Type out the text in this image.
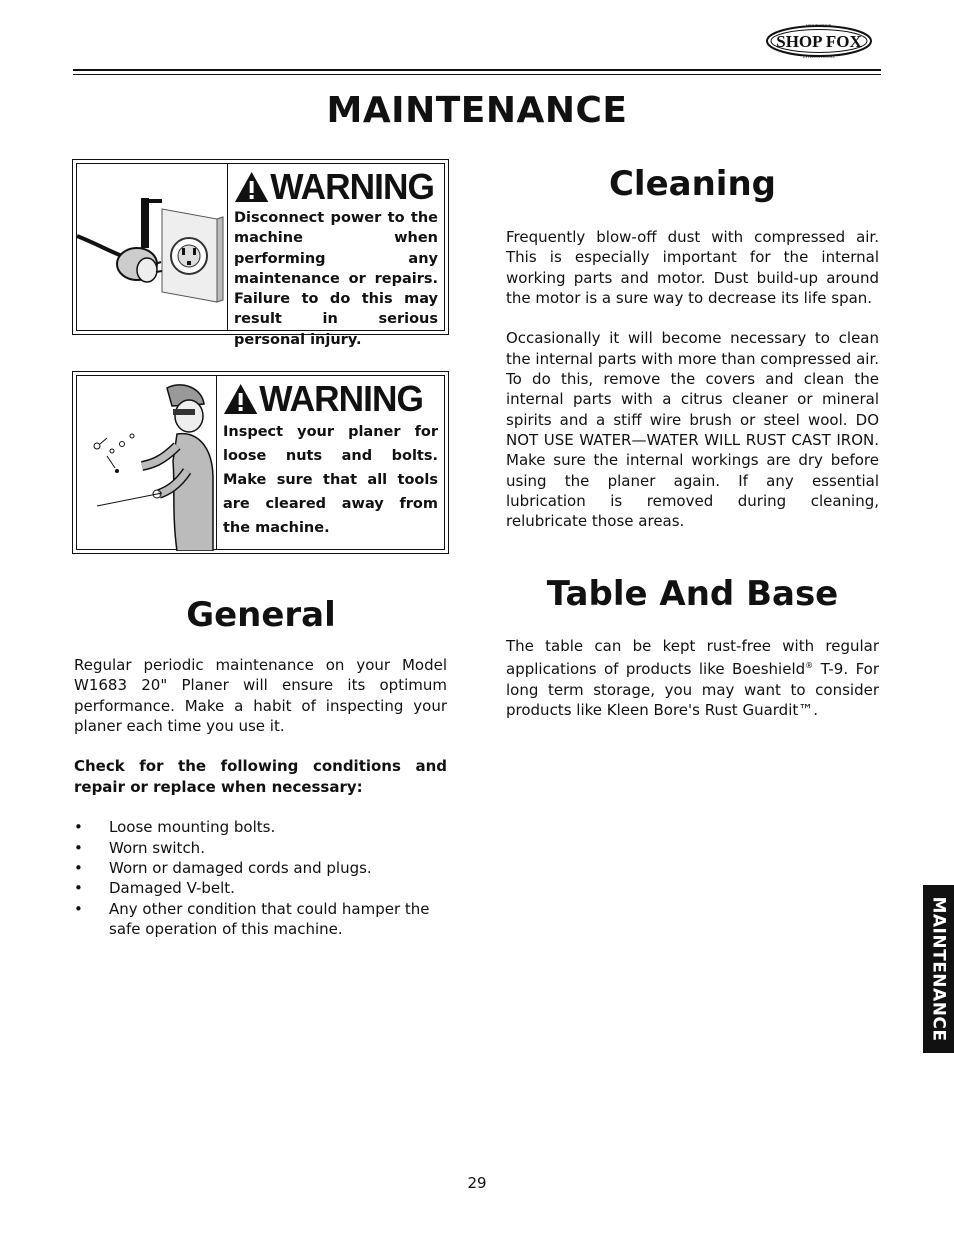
SHOP FOX
WOODSTOCK
INTERNATIONAL
MAINTENANCE
WARNING

Disconnect power to the machine when performing any maintenance or repairs. Failure to do this may result in serious personal injury.

WARNING

Inspect your planer for loose nuts and bolts. Make sure that all tools are cleared away from the machine.

General

Regular periodic maintenance on your Model W1683 20" Planer will ensure its optimum performance. Make a habit of inspecting your planer each time you use it.

Check for the following conditions and repair or replace when necessary:

• Loose mounting bolts.
• Worn switch.
• Worn or damaged cords and plugs.
• Damaged V-belt.
• Any other condition that could hamper the safe operation of this machine.
Cleaning

Frequently blow-off dust with compressed air. This is especially important for the internal working parts and motor. Dust build-up around the motor is a sure way to decrease its life span.

Occasionally it will become necessary to clean the internal parts with more than compressed air. To do this, remove the covers and clean the internal parts with a citrus cleaner or mineral spirits and a stiff wire brush or steel wool. DO NOT USE WATER—WATER WILL RUST CAST IRON. Make sure the internal workings are dry before using the planer again. If any essential lubrication is removed during cleaning, relubricate those areas.

Table And Base

The table can be kept rust-free with regular applications of products like Boeshield® T-9. For long term storage, you may want to consider products like Kleen Bore's Rust Guardit™.

MAINTENANCE
29
